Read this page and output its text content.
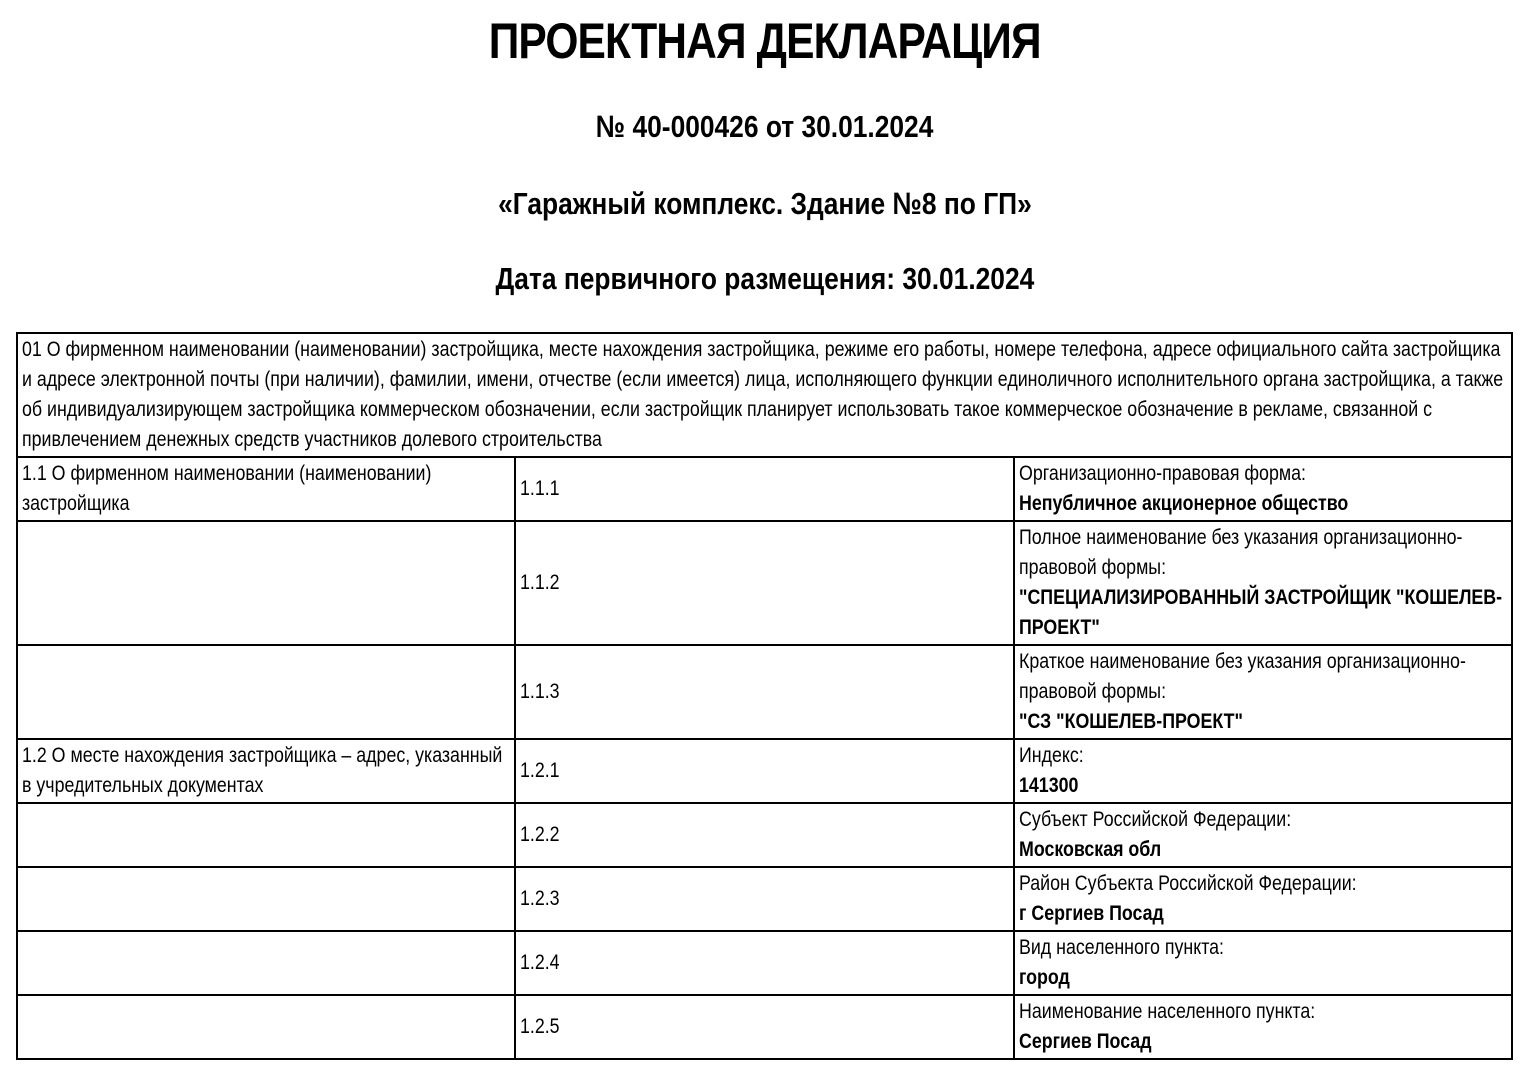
ПРОЕКТНАЯ ДЕКЛАРАЦИЯ
№ 40-000426 от 30.01.2024
«Гаражный комплекс. Здание №8 по ГП»
Дата первичного размещения: 30.01.2024
01 О фирменном наименовании (наименовании) застройщика, месте нахождения застройщика, режиме его работы, номере телефона, адресе официального сайта застройщика и адресе электронной почты (при наличии), фамилии, имени, отчестве (если имеется) лица, исполняющего функции единоличного исполнительного органа застройщика, а также об индивидуализирующем застройщика коммерческом обозначении, если застройщик планирует использовать такое коммерческое обозначение в рекламе, связанной с привлечением денежных средств участников долевого строительства		

1.1 О фирменном наименовании (наименовании) застройщика	1.1.1	Организационно-правовая форма:
Непубличное акционерное общество

	1.1.2	Полное наименование без указания организационно-правовой формы:
"СПЕЦИАЛИЗИРОВАННЫЙ ЗАСТРОЙЩИК "КОШЕЛЕВ-ПРОЕКТ"

	1.1.3	Краткое наименование без указания организационно-правовой формы:
"СЗ "КОШЕЛЕВ-ПРОЕКТ"

1.2 О месте нахождения застройщика – адрес, указанный в учредительных документах	1.2.1	Индекс:
141300

	1.2.2	Субъект Российской Федерации:
Московская обл

	1.2.3	Район Субъекта Российской Федерации:
г Сергиев Посад

	1.2.4	Вид населенного пункта:
город

	1.2.5	Наименование населенного пункта:
Сергиев Посад
